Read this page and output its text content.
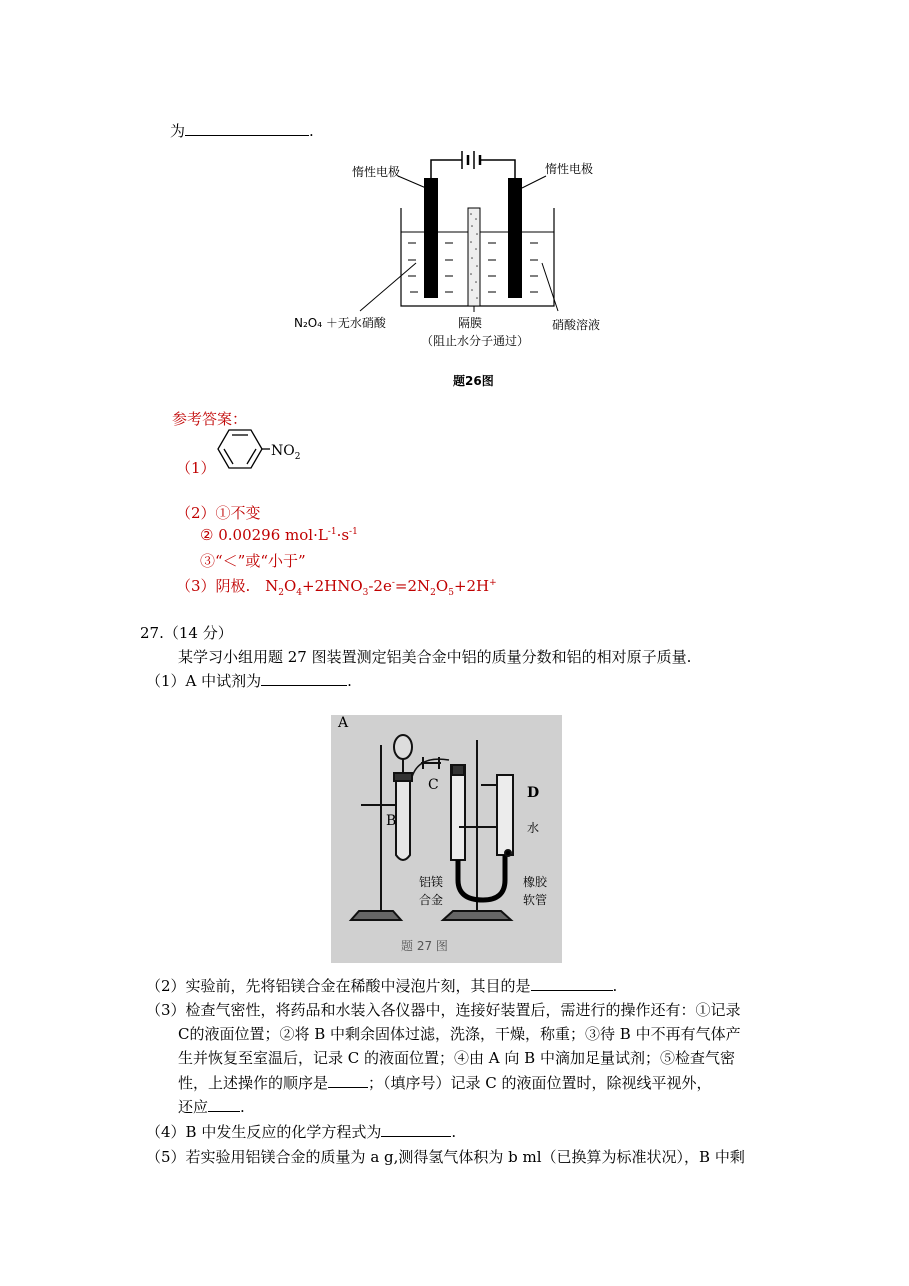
为	.
惰性电极	惰性电极
N₂O₄ ＋无水硝酸	隔膜
（阻止水分子通过）
硝酸溶液
题26图
参考答案：
（1）
$NO_2$
（2）①不变
② 0.00296 $mol\cdot L^{-1}\cdot s^{-1}$
③“＜”或“小于”
（3）阴极. $N_2O_4+2HNO_3-2e^-=2N_2O_5+2H^+$
27.（14 分）
某学习小组用题 27 图装置测定铝美合金中铝的质量分数和铝的相对原子质量.
（1）A 中试剂为	.
A
B
C	D
水
铝镁
合金
橡胶
软管
题 27 图
（2）实验前，先将铝镁合金在稀酸中浸泡片刻，其目的是	.
（3）检查气密性，将药品和水装入各仪器中，连接好装置后，需进行的操作还有：①记录
C的液面位置；②将 B 中剩余固体过滤，洗涤，干燥，称重；③待 B 中不再有气体产
生并恢复至室温后，记录 C 的液面位置；④由 A 向 B 中滴加足量试剂；⑤检查气密
性，上述操作的顺序是	；（填序号）记录 C 的液面位置时，除视线平视外，
还应 .
（4）B 中发生反应的化学方程式为	.
（5）若实验用铝镁合金的质量为 a g,测得氢气体积为 b ml（已换算为标准状况），B 中剩
